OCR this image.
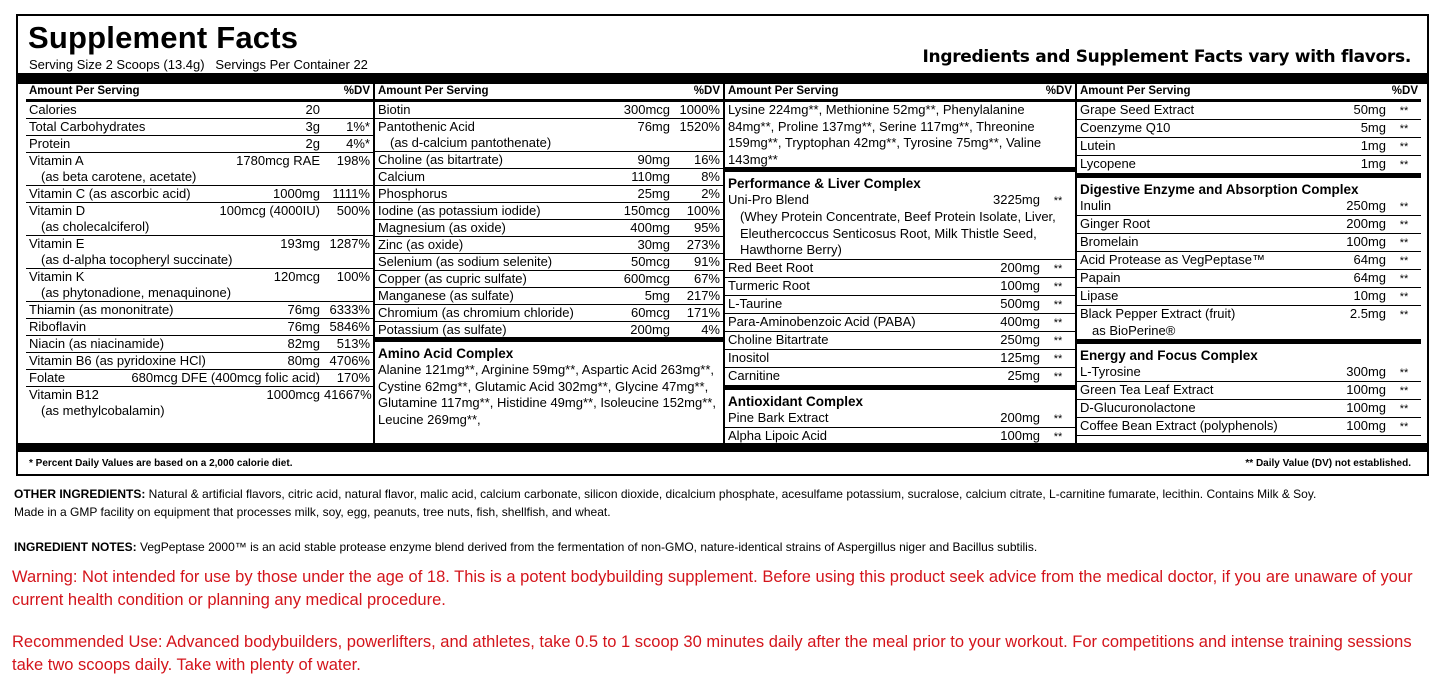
Supplement Facts
Serving Size 2 Scoops (13.4g)   Servings Per Container 22	Ingredients and Supplement Facts vary with flavors.
Amount Per Serving	%DV
Calories	20
Total Carbohydrates	3g	1%*
Protein	2g	4%*
Vitamin A	1780mcg RAE	198%
(as beta carotene, acetate)
Vitamin C (as ascorbic acid)	1000mg 1111%
Vitamin D	100mcg (4000IU)	500%
(as cholecalciferol)
Vitamin E	193mg 1287%
(as d-alpha tocopheryl succinate)
Vitamin K	120mcg	100%
(as phytonadione, menaquinone)
Thiamin (as mononitrate)	76mg 6333%
Riboflavin	76mg 5846%
Niacin (as niacinamide)	82mg	513%
Vitamin B6 (as pyridoxine HCl)	80mg 4706%
Folate	680mcg DFE (400mcg folic acid)	170%
Vitamin B12	1000mcg 41667%
(as methylcobalamin)
Amount Per Serving	%DV
Biotin	300mcg 1000%
Pantothenic Acid	76mg 1520%
(as d-calcium pantothenate)
Choline (as bitartrate)	90mg	16%
Calcium	110mg	8%
Phosphorus	25mg	2%
Iodine (as potassium iodide)	150mcg	100%
Magnesium (as oxide)	400mg	95%
Zinc (as oxide)	30mg	273%
Selenium (as sodium selenite)	50mcg	91%
Copper (as cupric sulfate)	600mcg	67%
Manganese (as sulfate)	5mg	217%
Chromium (as chromium chloride)	60mcg	171%
Potassium (as sulfate)	200mg	4%
Amino Acid Complex
Alanine 121mg**, Arginine 59mg**, Aspartic Acid 263mg**, Cystine 62mg**, Glutamic Acid 302mg**, Glycine 47mg**, Glutamine 117mg**, Histidine 49mg**, Isoleucine 152mg**, Leucine 269mg**,
Amount Per Serving	%DV
Lysine 224mg**, Methionine 52mg**, Phenylalanine 84mg**, Proline 137mg**, Serine 117mg**, Threonine 159mg**, Tryptophan 42mg**, Tyrosine 75mg**, Valine 143mg**
Performance & Liver Complex
Uni-Pro Blend	3225mg	**
(Whey Protein Concentrate, Beef Protein Isolate, Liver, Eleuthercoccus Senticosus Root, Milk Thistle Seed, Hawthorne Berry)
Red Beet Root	200mg	**
Turmeric Root	100mg	**
L-Taurine	500mg	**
Para-Aminobenzoic Acid (PABA)	400mg	**
Choline Bitartrate	250mg	**
Inositol	125mg	**
Carnitine	25mg	**
Antioxidant Complex
Pine Bark Extract	200mg	**
Alpha Lipoic Acid	100mg	**
Amount Per Serving	%DV
Grape Seed Extract	50mg	**
Coenzyme Q10	5mg	**
Lutein	1mg	**
Lycopene	1mg	**
Digestive Enzyme and Absorption Complex
Inulin	250mg	**
Ginger Root	200mg	**
Bromelain	100mg	**
Acid Protease as VegPeptase™	64mg	**
Papain	64mg	**
Lipase	10mg	**
Black Pepper Extract (fruit)	2.5mg	**
as BioPerine®
Energy and Focus Complex
L-Tyrosine	300mg	**
Green Tea Leaf Extract	100mg	**
D-Glucuronolactone	100mg	**
Coffee Bean Extract (polyphenols)	100mg	**
* Percent Daily Values are based on a 2,000 calorie diet.	** Daily Value (DV) not established.
OTHER INGREDIENTS: Natural & artificial flavors, citric acid, natural flavor, malic acid, calcium carbonate, silicon dioxide, dicalcium phosphate, acesulfame potassium, sucralose, calcium citrate, L-carnitine fumarate, lecithin. Contains Milk & Soy.
Made in a GMP facility on equipment that processes milk, soy, egg, peanuts, tree nuts, fish, shellfish, and wheat.
INGREDIENT NOTES: VegPeptase 2000™ is an acid stable protease enzyme blend derived from the fermentation of non-GMO, nature-identical strains of Aspergillus niger and Bacillus subtilis.
Warning: Not intended for use by those under the age of 18. This is a potent bodybuilding supplement. Before using this product seek advice from the medical doctor, if you are unaware of your current health condition or planning any medical procedure.
Recommended Use: Advanced bodybuilders, powerlifters, and athletes, take 0.5 to 1 scoop 30 minutes daily after the meal prior to your workout. For competitions and intense training sessions take two scoops daily. Take with plenty of water.
